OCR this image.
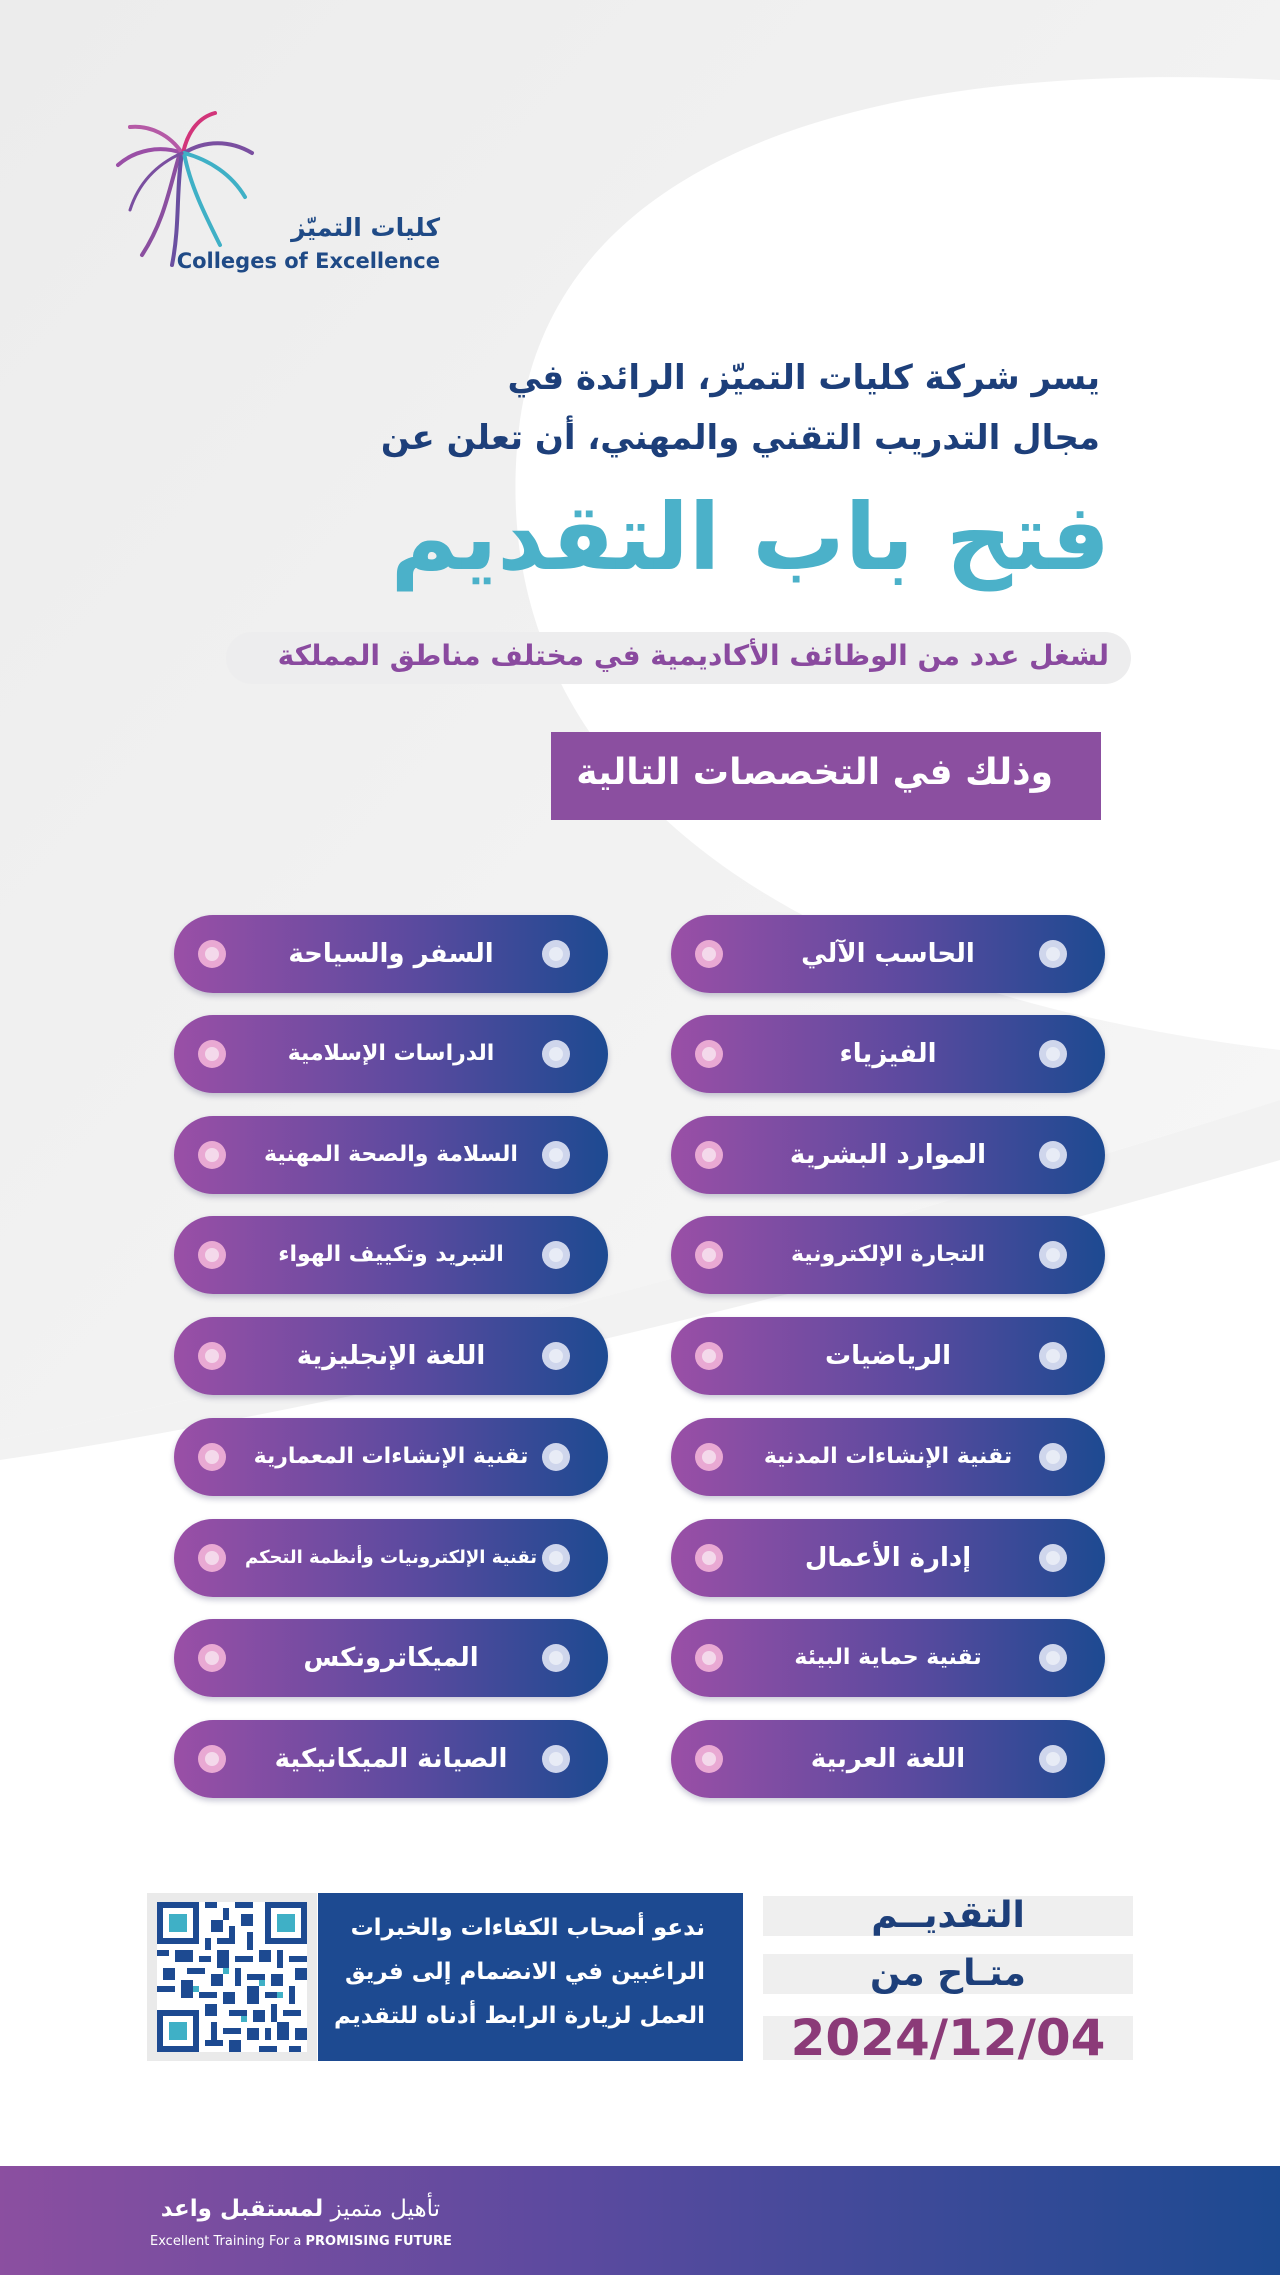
كليات التميّز
Colleges of Excellence
يسر شركة كليات التميّز، الرائدة في
مجال التدريب التقني والمهني، أن تعلن عن
فتح باب التقديم
لشغل عدد من الوظائف الأكاديمية في مختلف مناطق المملكة
وذلك في التخصصات التالية
الحاسب الآلي
الفيزياء
الموارد البشرية
التجارة الإلكترونية
الرياضيات
تقنية الإنشاءات المدنية
إدارة الأعمال
تقنية حماية البيئة
اللغة العربية
السفر والسياحة
الدراسات الإسلامية
السلامة والصحة المهنية
التبريد وتكييف الهواء
اللغة الإنجليزية
تقنية الإنشاءات المعمارية
تقنية الإلكترونيات وأنظمة التحكم
الميكاترونكس
الصيانة الميكانيكية
ندعو أصحاب الكفاءات والخبرات
الراغبين في الانضمام إلى فريق
العمل لزيارة الرابط أدناه للتقديم
التقديــم
متـاح من
2024/12/04
تأهيل متميز لمستقبل واعد
Excellent Training For a PROMISING FUTURE
